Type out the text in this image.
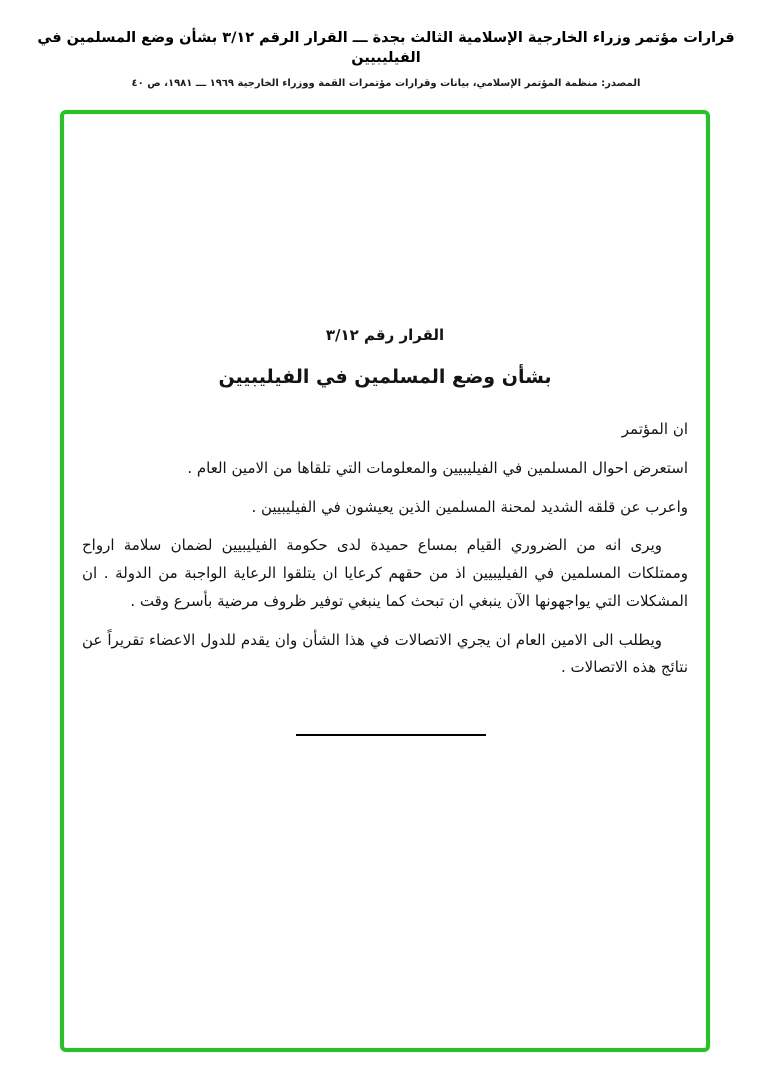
قرارات مؤتمر وزراء الخارجية الإسلامية الثالث بجدة ـــ القرار الرقم ٣/١٢ بشأن وضع المسلمين في الفيليبيين
المصدر: منظمة المؤتمر الإسلامي، بيانات وقرارات مؤتمرات القمة ووزراء الخارجية ١٩٦٩ ـــ ١٩٨١، ص ٤٠
القرار رقم ٣/١٢
بشأن وضع المسلمين في الفيليبيين

ان المؤتمر

استعرض احوال المسلمين في الفيليبيين والمعلومات التي تلقاها من الامين العام .

واعرب عن قلقه الشديد لمحنة المسلمين الذين يعيشون في الفيليبيين .

ويرى انه من الضروري القيام بمساع حميدة لدى حكومة الفيليبيين لضمان سلامة ارواح وممتلكات المسلمين في الفيليبيين اذ من حقهم كرعايا ان يتلقوا الرعاية الواجبة من الدولة . ان المشكلات التي يواجهونها الآن ينبغي ان تبحث كما ينبغي توفير ظروف مرضية بأسرع وقت .

ويطلب الى الامين العام ان يجري الاتصالات في هذا الشأن وان يقدم للدول الاعضاء تقريراً عن نتائج هذه الاتصالات .
